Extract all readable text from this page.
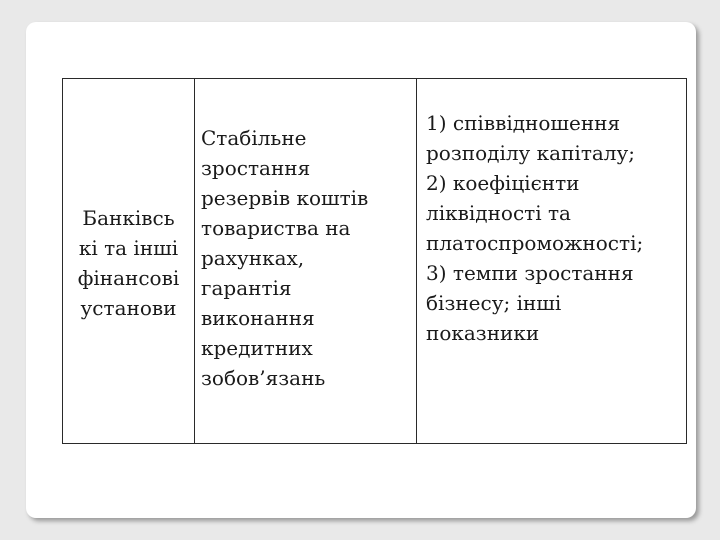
Банківсь
кі та інші
фінансові
установи
Стабільне
зростання
резервів коштів
товариства на
рахунках,
гарантія
виконання
кредитних
зобов’язань
1) співвідношення
розподілу капіталу;
2) коефіцієнти
ліквідності та
платоспроможності;
3) темпи зростання
бізнесу; інші
показники
